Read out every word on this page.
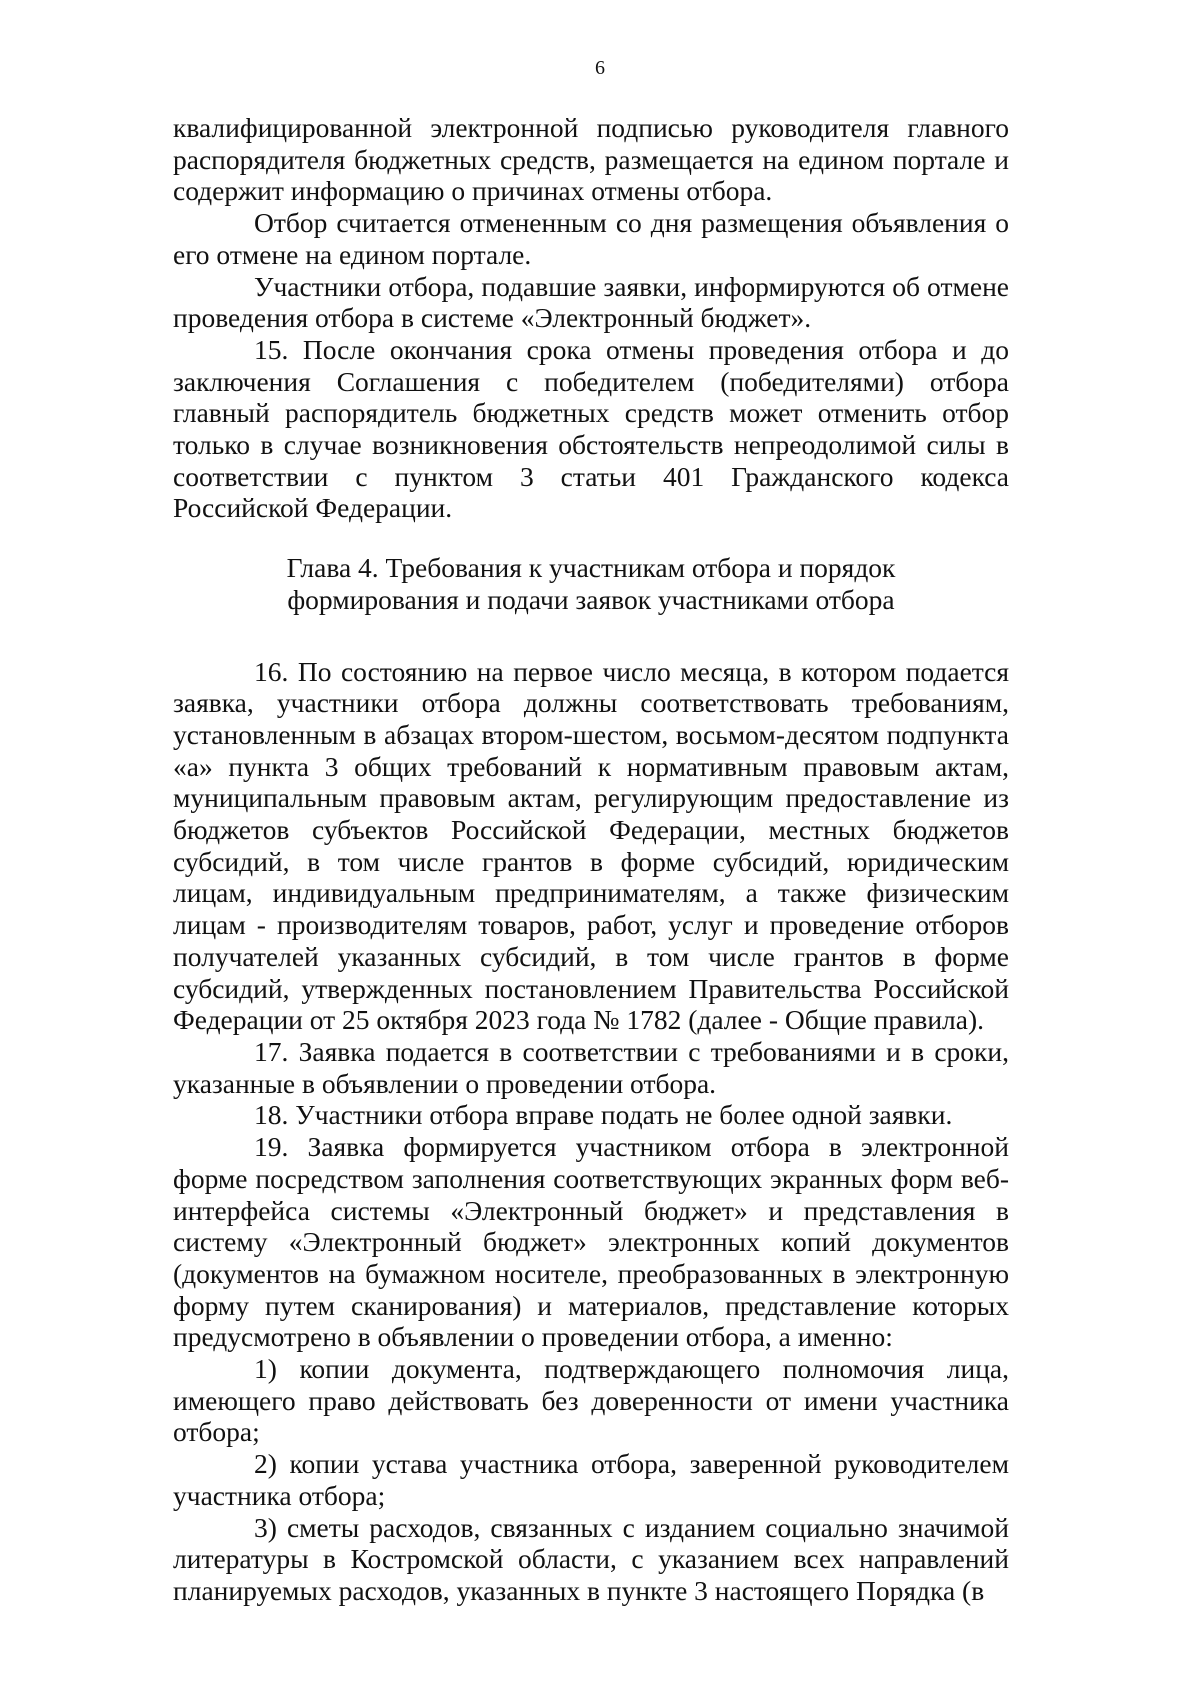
6

квалифицированной электронной подписью руководителя главного распорядителя бюджетных средств, размещается на едином портале и содержит информацию о причинах отмены отбора.

Отбор считается отмененным со дня размещения объявления о его отмене на едином портале.

Участники отбора, подавшие заявки, информируются об отмене проведения отбора в системе «Электронный бюджет».

15. После окончания срока отмены проведения отбора и до заключения Соглашения с победителем (победителями) отбора главный распорядитель бюджетных средств может отменить отбор только в случае возникновения обстоятельств непреодолимой силы в соответствии с пунктом 3 статьи 401 Гражданского кодекса Российской Федерации.

Глава 4. Требования к участникам отбора и порядок
формирования и подачи заявок участниками отбора

16. По состоянию на первое число месяца, в котором подается заявка, участники отбора должны соответствовать требованиям, установленным в абзацах втором-шестом, восьмом-десятом подпункта «а» пункта 3 общих требований к нормативным правовым актам, муниципальным правовым актам, регулирующим предоставление из бюджетов субъектов Российской Федерации, местных бюджетов субсидий, в том числе грантов в форме субсидий, юридическим лицам, индивидуальным предпринимателям, а также физическим лицам - производителям товаров, работ, услуг и проведение отборов получателей указанных субсидий, в том числе грантов в форме субсидий, утвержденных постановлением Правительства Российской Федерации от 25 октября 2023 года № 1782 (далее - Общие правила).

17. Заявка подается в соответствии с требованиями и в сроки, указанные в объявлении о проведении отбора.

18. Участники отбора вправе подать не более одной заявки.

19. Заявка формируется участником отбора в электронной форме посредством заполнения соответствующих экранных форм веб-интерфейса системы «Электронный бюджет» и представления в систему «Электронный бюджет» электронных копий документов (документов на бумажном носителе, преобразованных в электронную форму путем сканирования) и материалов, представление которых предусмотрено в объявлении о проведении отбора, а именно:

1) копии документа, подтверждающего полномочия лица, имеющего право действовать без доверенности от имени участника отбора;

2) копии устава участника отбора, заверенной руководителем участника отбора;

3) сметы расходов, связанных с изданием социально значимой литературы в Костромской области, с указанием всех направлений планируемых расходов, указанных в пункте 3 настоящего Порядка (в
